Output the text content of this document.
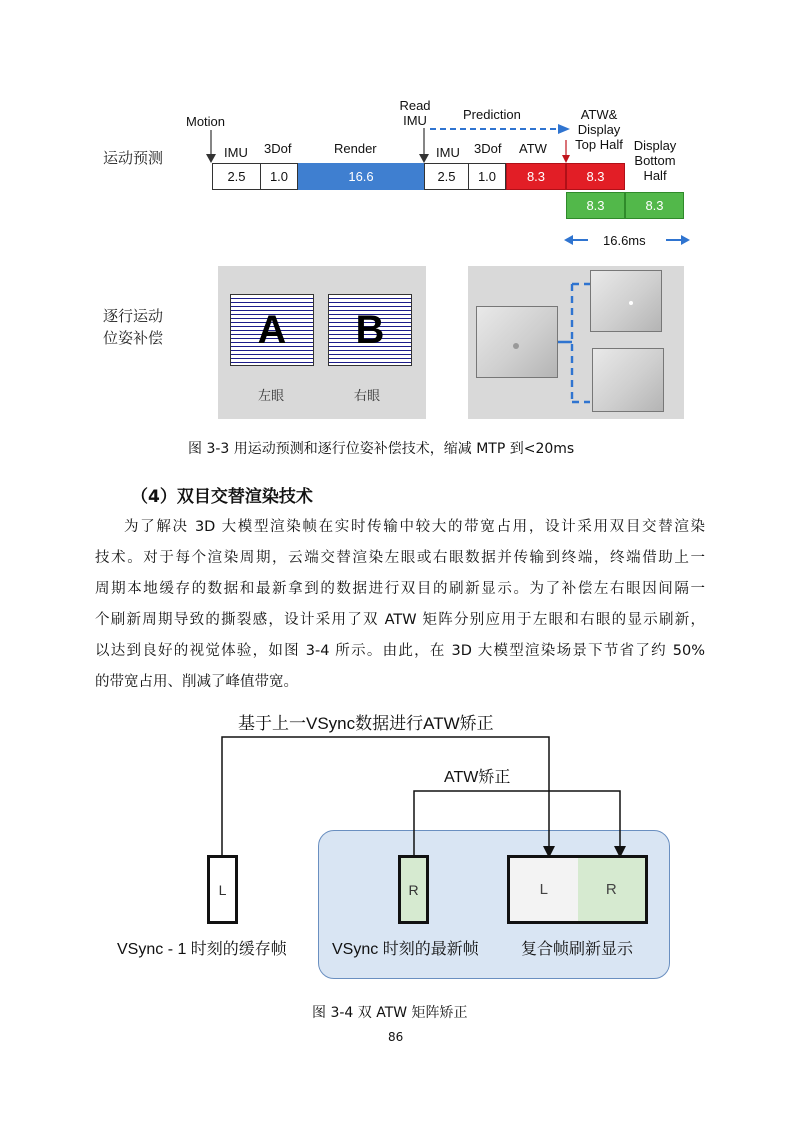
Motion
Read
IMU	Prediction	ATW&
Display
Top Half Display
Bottom
Half
IMU 3Dof	Render	IMU 3Dof ATW
运动预测
2.5	1.0	16.6	2.5	1.0	8.3	8.3
8.3	8.3
16.6ms
逐行运动
位姿补偿 A B
左眼	右眼
图 3-3 用运动预测和逐行位姿补偿技术，缩减 MTP 到<20ms
（4）双目交替渲染技术
为了解决 3D 大模型渲染帧在实时传输中较大的带宽占用，设计采用双目交替渲染
技术。对于每个渲染周期，云端交替渲染左眼或右眼数据并传输到终端，终端借助上一
周期本地缓存的数据和最新拿到的数据进行双目的刷新显示。为了补偿左右眼因间隔一
个刷新周期导致的撕裂感，设计采用了双 ATW 矩阵分别应用于左眼和右眼的显示刷新，
以达到良好的视觉体验，如图 3-4 所示。由此，在 3D 大模型渲染场景下节省了约 50%
的带宽占用、削减了峰值带宽。
基于上一VSync数据进行ATW矫正
ATW矫正
L	R	L	R
VSync - 1 时刻的缓存帧	VSync 时刻的最新帧	复合帧刷新显示
图 3-4 双 ATW 矩阵矫正
86
